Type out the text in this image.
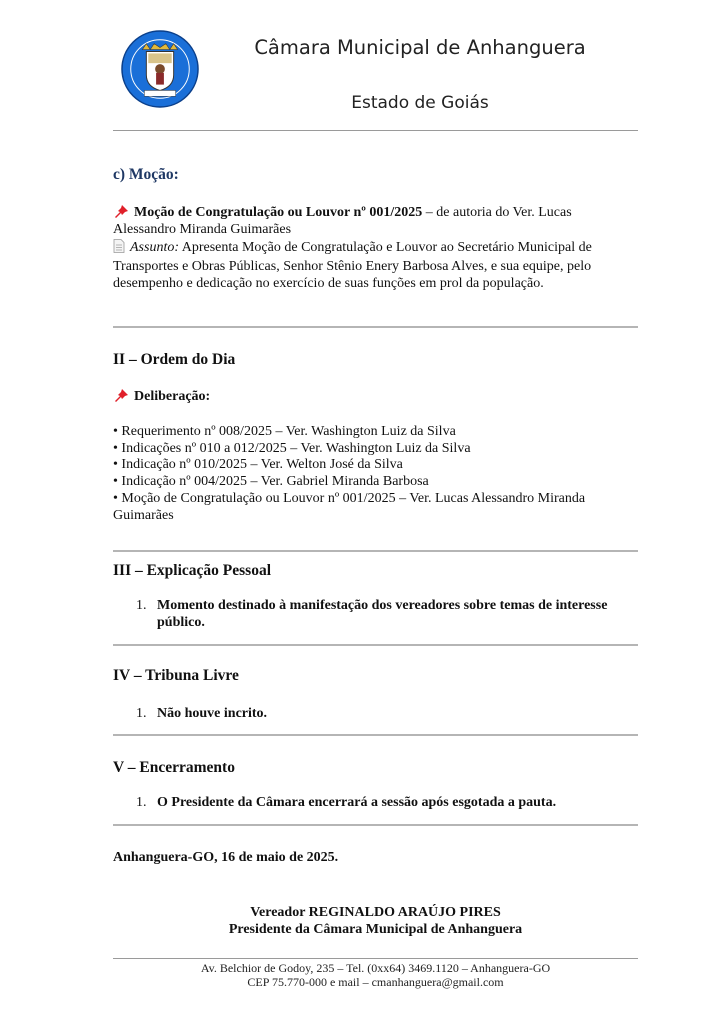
Câmara Municipal de Anhanguera
Estado de Goiás
c) Moção:
Moção de Congratulação ou Louvor nº 001/2025 – de autoria do Ver. Lucas
Alessandro Miranda Guimarães
Assunto: Apresenta Moção de Congratulação e Louvor ao Secretário Municipal de
Transportes e Obras Públicas, Senhor Stênio Enery Barbosa Alves, e sua equipe, pelo
desempenho e dedicação no exercício de suas funções em prol da população.
II – Ordem do Dia
Deliberação:
• Requerimento nº 008/2025 – Ver. Washington Luiz da Silva
• Indicações nº 010 a 012/2025 – Ver. Washington Luiz da Silva
• Indicação nº 010/2025 – Ver. Welton José da Silva
• Indicação nº 004/2025 – Ver. Gabriel Miranda Barbosa
• Moção de Congratulação ou Louvor nº 001/2025 – Ver. Lucas Alessandro Miranda
Guimarães
III – Explicação Pessoal
1. Momento destinado à manifestação dos vereadores sobre temas de interesse
público.
IV – Tribuna Livre
1. Não houve incrito.
V – Encerramento
1. O Presidente da Câmara encerrará a sessão após esgotada a pauta.
Anhanguera-GO, 16 de maio de 2025.
Vereador REGINALDO ARAÚJO PIRES
Presidente da Câmara Municipal de Anhanguera
Av. Belchior de Godoy, 235 – Tel. (0xx64) 3469.1120 – Anhanguera-GO
CEP 75.770-000 e mail – cmanhanguera@gmail.com
